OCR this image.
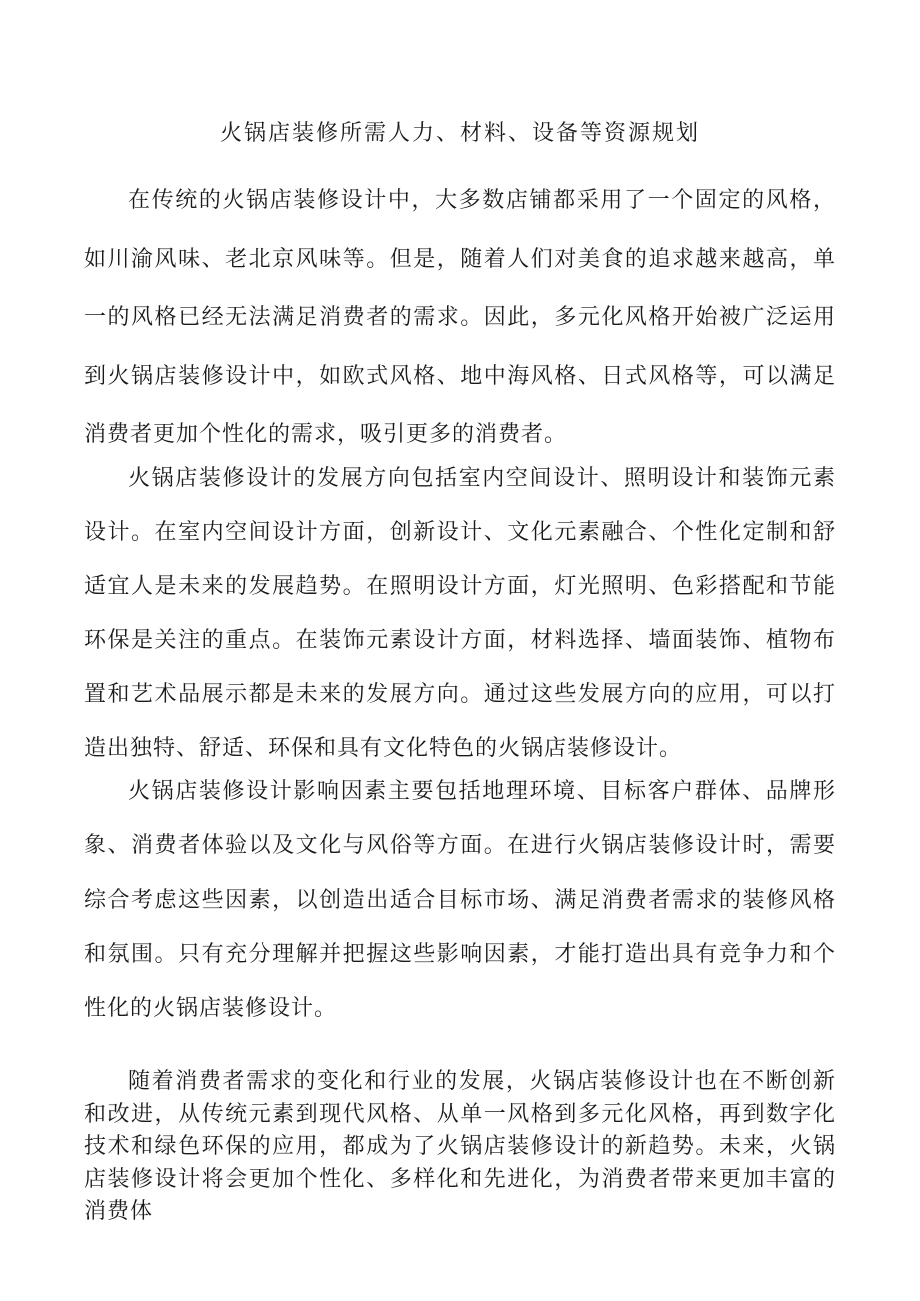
火锅店装修所需人力、材料、设备等资源规划

在传统的火锅店装修设计中，大多数店铺都采用了一个固定的风格，如川渝风味、老北京风味等。但是，随着人们对美食的追求越来越高，单一的风格已经无法满足消费者的需求。因此，多元化风格开始被广泛运用到火锅店装修设计中，如欧式风格、地中海风格、日式风格等，可以满足消费者更加个性化的需求，吸引更多的消费者。

火锅店装修设计的发展方向包括室内空间设计、照明设计和装饰元素设计。在室内空间设计方面，创新设计、文化元素融合、个性化定制和舒适宜人是未来的发展趋势。在照明设计方面，灯光照明、色彩搭配和节能环保是关注的重点。在装饰元素设计方面，材料选择、墙面装饰、植物布置和艺术品展示都是未来的发展方向。通过这些发展方向的应用，可以打造出独特、舒适、环保和具有文化特色的火锅店装修设计。

火锅店装修设计影响因素主要包括地理环境、目标客户群体、品牌形象、消费者体验以及文化与风俗等方面。在进行火锅店装修设计时，需要综合考虑这些因素，以创造出适合目标市场、满足消费者需求的装修风格和氛围。只有充分理解并把握这些影响因素，才能打造出具有竞争力和个性化的火锅店装修设计。

随着消费者需求的变化和行业的发展，火锅店装修设计也在不断创新和改进，从传统元素到现代风格、从单一风格到多元化风格，再到数字化技术和绿色环保的应用，都成为了火锅店装修设计的新趋势。未来，火锅店装修设计将会更加个性化、多样化和先进化，为消费者带来更加丰富的消费体
